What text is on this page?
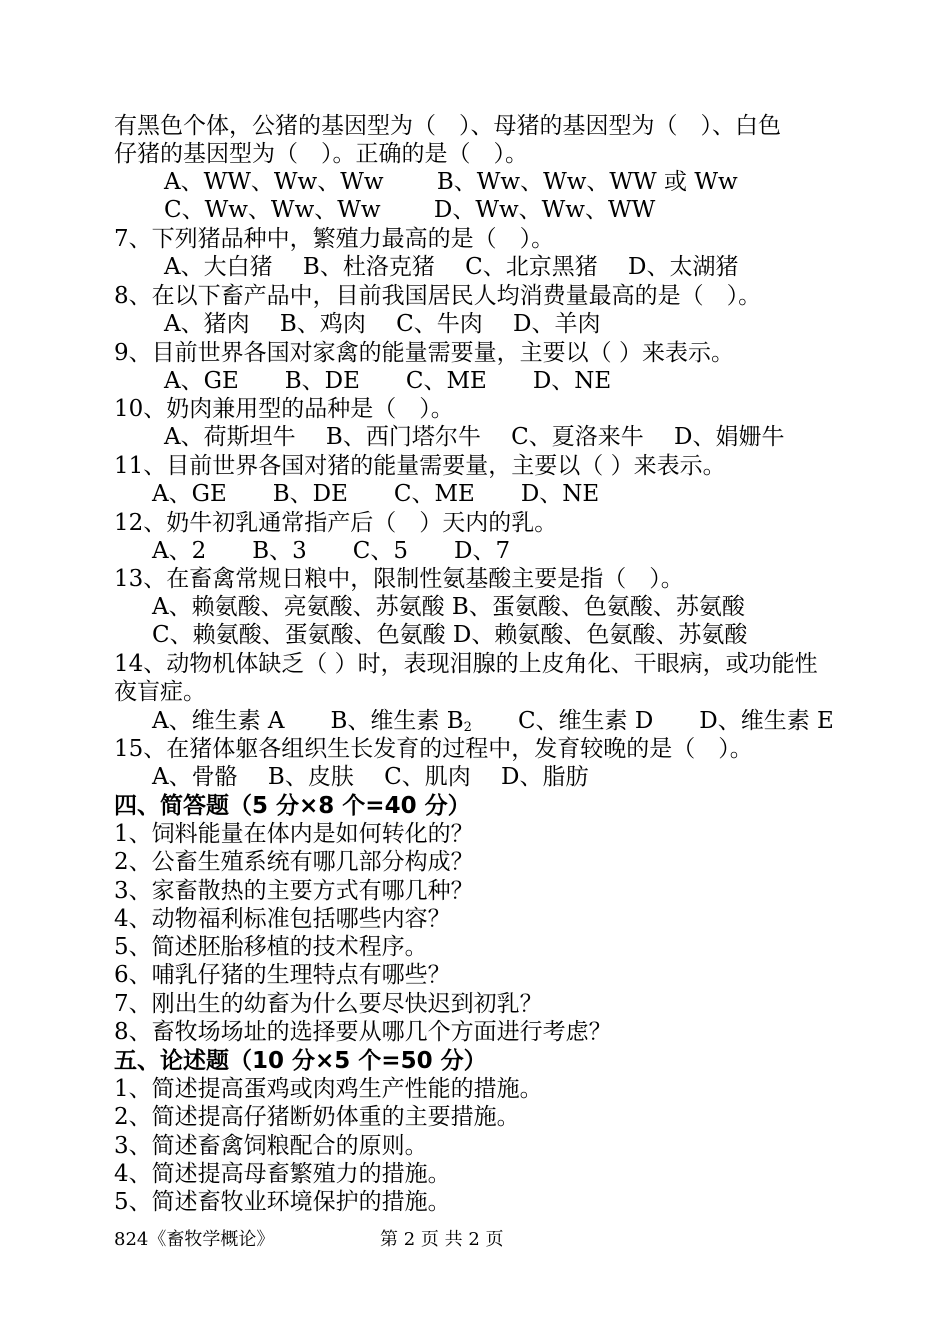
有黑色个体，公猪的基因型为（　）、母猪的基因型为（　）、白色
仔猪的基因型为（　）。正确的是（　）。
A、WW、Ww、Ww　　 B、Ww、Ww、WW 或 Ww
C、Ww、Ww、Ww　　 D、Ww、Ww、WW
7、下列猪品种中，繁殖力最高的是（　）。
A、大白猪　 B、杜洛克猪　 C、北京黑猪　 D、太湖猪
8、在以下畜产品中，目前我国居民人均消费量最高的是（　）。
A、猪肉　 B、鸡肉　 C、牛肉　 D、羊肉
9、目前世界各国对家禽的能量需要量，主要以（ ）来表示。
A、GE　　B、DE　　C、ME　　D、NE
10、奶肉兼用型的品种是（　）。
A、荷斯坦牛　 B、西门塔尔牛　 C、夏洛来牛　 D、娟姗牛
11、目前世界各国对猪的能量需要量，主要以（ ）来表示。
A、GE　　B、DE　　C、ME　　D、NE
12、奶牛初乳通常指产后（　）天内的乳。
A、2　　B、3　　C、5　　D、7
13、在畜禽常规日粮中，限制性氨基酸主要是指（　）。
A、赖氨酸、亮氨酸、苏氨酸 B、蛋氨酸、色氨酸、苏氨酸
C、赖氨酸、蛋氨酸、色氨酸 D、赖氨酸、色氨酸、苏氨酸
14、动物机体缺乏（ ）时，表现泪腺的上皮角化、干眼病，或功能性
夜盲症。
A、维生素 A　　B、维生素 $B_2$　　C、维生素 D　　D、维生素 E
15、在猪体躯各组织生长发育的过程中，发育较晚的是（　）。
A、骨骼　 B、皮肤　 C、肌肉　 D、脂肪
四、简答题（5 分×8 个=40 分）
1、饲料能量在体内是如何转化的？
2、公畜生殖系统有哪几部分构成？
3、家畜散热的主要方式有哪几种？
4、动物福利标准包括哪些内容？
5、简述胚胎移植的技术程序。
6、哺乳仔猪的生理特点有哪些？
7、刚出生的幼畜为什么要尽快迟到初乳？
8、畜牧场场址的选择要从哪几个方面进行考虑？
五、论述题（10 分×5 个=50 分）
1、简述提高蛋鸡或肉鸡生产性能的措施。
2、简述提高仔猪断奶体重的主要措施。
3、简述畜禽饲粮配合的原则。
4、简述提高母畜繁殖力的措施。
5、简述畜牧业环境保护的措施。
824《畜牧学概论》	第 2 页 共 2 页
